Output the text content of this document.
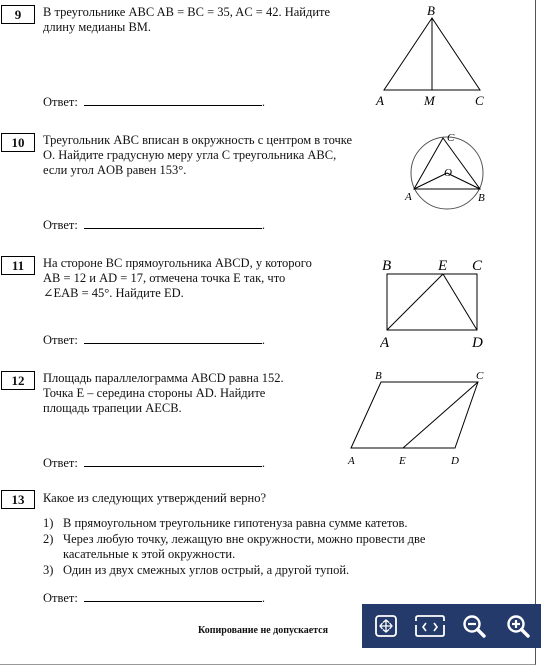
9	В треугольнике ABC AB = BC = 35, AC = 42. Найдите
длину медианы BM.
Ответ:	.
B
A	M	C
10	Треугольник ABC вписан в окружность с центром в точке
O. Найдите градусную меру угла C треугольника ABC,
если угол AOB равен 153°.
Ответ:	.
C
O
A	B
11	На стороне BC прямоугольника ABCD, у которого
AB = 12 и AD = 17, отмечена точка E так, что
∠EAB = 45°. Найдите ED.
Ответ:	.
B	E C
A	D
12	Площадь параллелограмма ABCD равна 152.
Точка E – середина стороны AD. Найдите
площадь трапеции AECB.
Ответ:	.
B	C
A	E	D
13	Какое из следующих утверждений верно?
1) В прямоугольном треугольнике гипотенуза равна сумме катетов.
2) Через любую точку, лежащую вне окружности, можно провести две касательные к этой окружности.
3) Один из двух смежных углов острый, а другой тупой.
Ответ:	.
Копирование не допускается
